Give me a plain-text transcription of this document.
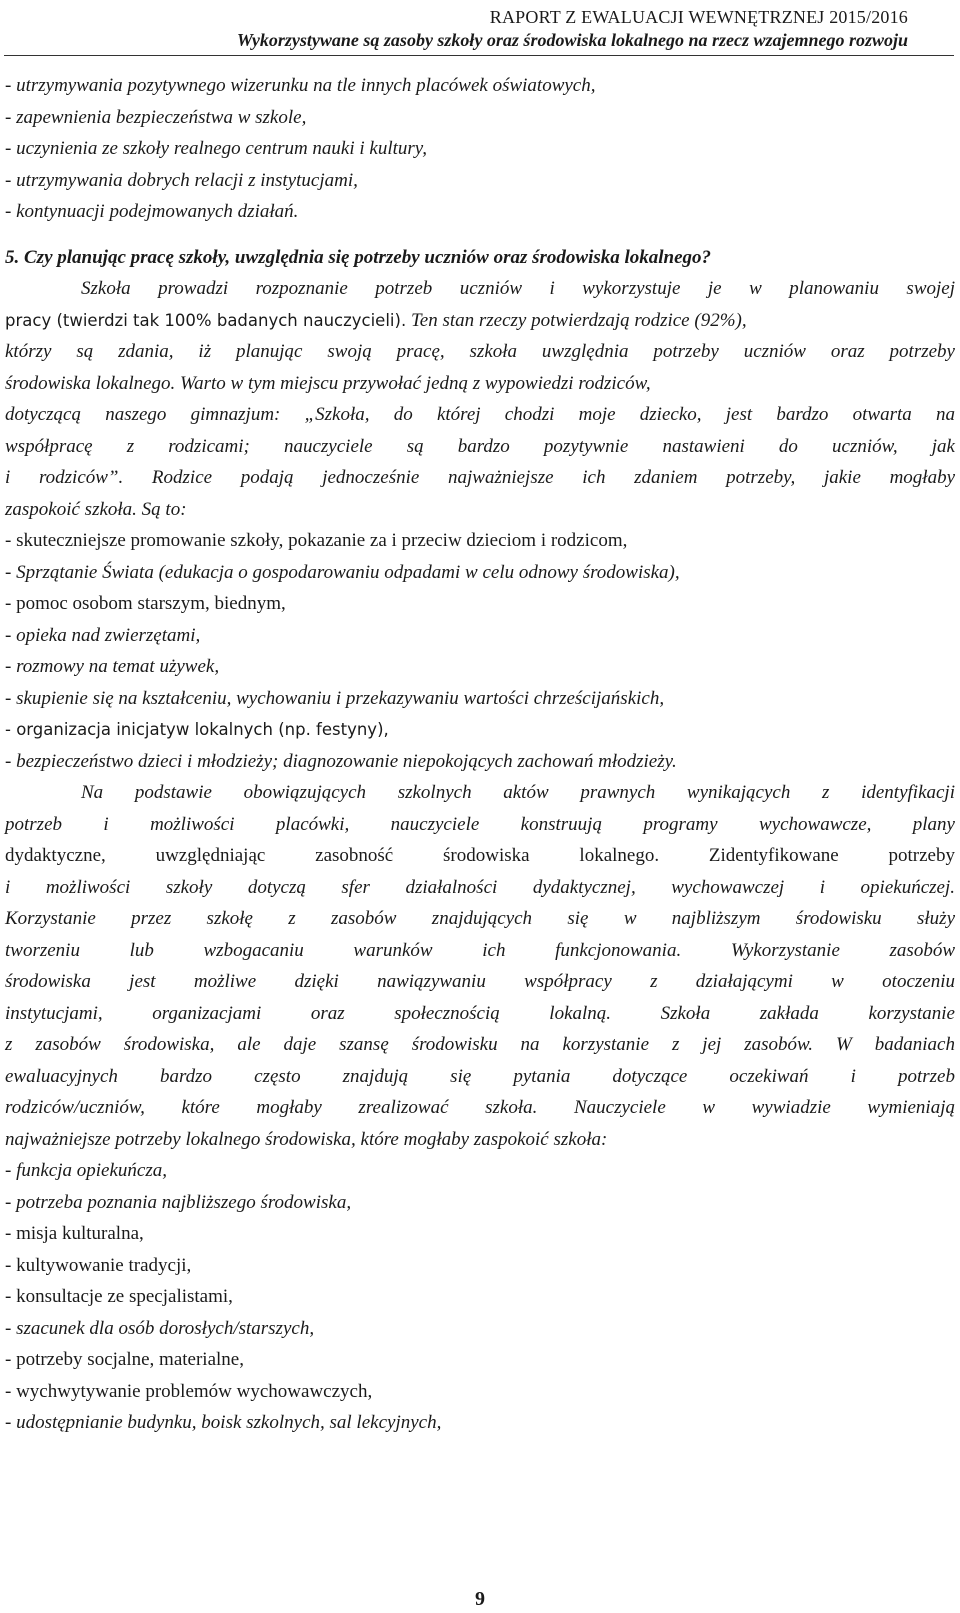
RAPORT Z EWALUACJI WEWNĘTRZNEJ 2015/2016
Wykorzystywane są zasoby szkoły oraz środowiska lokalnego na rzecz wzajemnego rozwoju
- utrzymywania pozytywnego wizerunku na tle innych placówek oświatowych,
- zapewnienia bezpieczeństwa w szkole,
- uczynienia ze szkoły realnego centrum nauki i kultury,
- utrzymywania dobrych relacji z instytucjami,
- kontynuacji podejmowanych działań.
5. Czy planując pracę szkoły, uwzględnia się potrzeby uczniów oraz środowiska lokalnego?
Szkoła prowadzi rozpoznanie potrzeb uczniów i wykorzystuje je w planowaniu swojej
pracy (twierdzi tak 100% badanych nauczycieli). Ten stan rzeczy potwierdzają rodzice (92%),
którzy są zdania, iż planując swoją pracę, szkoła uwzględnia potrzeby uczniów oraz potrzeby
środowiska lokalnego. Warto w tym miejscu przywołać jedną z wypowiedzi rodziców,
dotyczącą naszego gimnazjum: „Szkoła, do której chodzi moje dziecko, jest bardzo otwarta na
współpracę z rodzicami; nauczyciele są bardzo pozytywnie nastawieni do uczniów, jak
i rodziców”. Rodzice podają jednocześnie najważniejsze ich zdaniem potrzeby, jakie mogłaby
zaspokoić szkoła. Są to:
- skuteczniejsze promowanie szkoły, pokazanie za i przeciw dzieciom i rodzicom,
- Sprzątanie Świata (edukacja o gospodarowaniu odpadami w celu odnowy środowiska),
- pomoc osobom starszym, biednym,
- opieka nad zwierzętami,
- rozmowy na temat używek,
- skupienie się na kształceniu, wychowaniu i przekazywaniu wartości chrześcijańskich,
- organizacja inicjatyw lokalnych (np. festyny),
- bezpieczeństwo dzieci i młodzieży; diagnozowanie niepokojących zachowań młodzieży.
Na podstawie obowiązujących szkolnych aktów prawnych wynikających z identyfikacji
potrzeb i możliwości placówki, nauczyciele konstruują programy wychowawcze, plany
dydaktyczne, uwzględniając zasobność środowiska lokalnego. Zidentyfikowane potrzeby
i możliwości szkoły dotyczą sfer działalności dydaktycznej, wychowawczej i opiekuńczej.
Korzystanie przez szkołę z zasobów znajdujących się w najbliższym środowisku służy
tworzeniu lub wzbogacaniu warunków ich funkcjonowania. Wykorzystanie zasobów
środowiska jest możliwe dzięki nawiązywaniu współpracy z działającymi w otoczeniu
instytucjami, organizacjami oraz społecznością lokalną. Szkoła zakłada korzystanie
z zasobów środowiska, ale daje szansę środowisku na korzystanie z jej zasobów. W badaniach
ewaluacyjnych bardzo często znajdują się pytania dotyczące oczekiwań i potrzeb
rodziców/uczniów, które mogłaby zrealizować szkoła. Nauczyciele w wywiadzie wymieniają
najważniejsze potrzeby lokalnego środowiska, które mogłaby zaspokoić szkoła:
- funkcja opiekuńcza,
- potrzeba poznania najbliższego środowiska,
- misja kulturalna,
- kultywowanie tradycji,
- konsultacje ze specjalistami,
- szacunek dla osób dorosłych/starszych,
- potrzeby socjalne, materialne,
- wychwytywanie problemów wychowawczych,
- udostępnianie budynku, boisk szkolnych, sal lekcyjnych,
9
